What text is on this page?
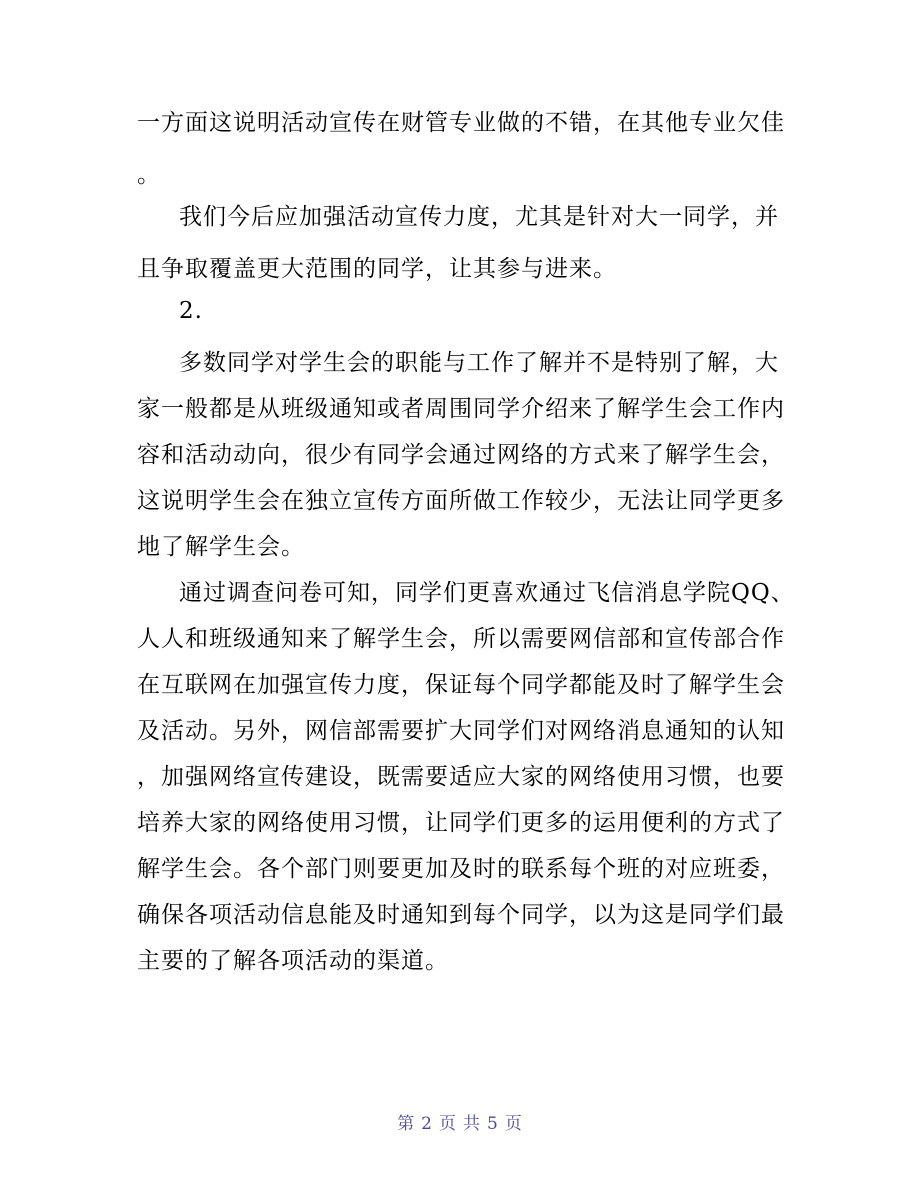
一方面这说明活动宣传在财管专业做的不错，在其他专业欠佳
。
我们今后应加强活动宣传力度，尤其是针对大一同学，并
且争取覆盖更大范围的同学，让其参与进来。
2.
多数同学对学生会的职能与工作了解并不是特别了解，大
家一般都是从班级通知或者周围同学介绍来了解学生会工作内
容和活动动向，很少有同学会通过网络的方式来了解学生会，
这说明学生会在独立宣传方面所做工作较少，无法让同学更多
地了解学生会。
通过调查问卷可知，同学们更喜欢通过飞信消息学院QQ、
人人和班级通知来了解学生会，所以需要网信部和宣传部合作
在互联网在加强宣传力度，保证每个同学都能及时了解学生会
及活动。另外，网信部需要扩大同学们对网络消息通知的认知
，加强网络宣传建设，既需要适应大家的网络使用习惯，也要
培养大家的网络使用习惯，让同学们更多的运用便利的方式了
解学生会。各个部门则要更加及时的联系每个班的对应班委，
确保各项活动信息能及时通知到每个同学，以为这是同学们最
主要的了解各项活动的渠道。
第 2 页 共 5 页
